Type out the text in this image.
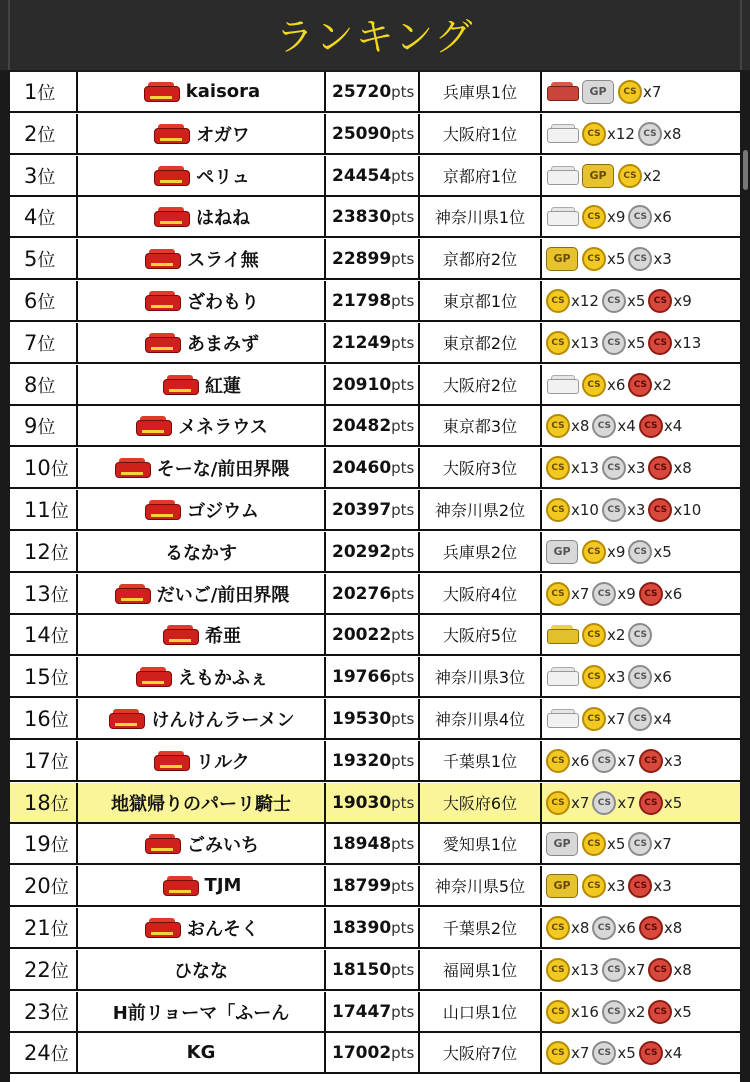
ランキング
1 位	kaisora	25720 pts	兵庫県1位	GP	CS x7
2 位	オガワ	25090 pts	大阪府1位	CS x12 CS x8
3 位	ペリュ	24454 pts	京都府1位	GP	CS x2
4 位	はねね	23830 pts	神奈川県1位	CS x9 CS x6
5 位	スライ無	22899 pts	京都府2位	GP	CS x5 CS x3
6 位	ざわもり	21798 pts	東京都1位	CS x12 CS x5 CS x9
7 位	あまみず	21249 pts	東京都2位	CS x13 CS x5 CS x13
8 位	紅蓮	20910 pts	大阪府2位	CS x6 CS x2
9 位	メネラウス	20482 pts	東京都3位	CS x8 CS x4 CS x4
10 位	そーな/前田界隈	20460 pts	大阪府3位	CS x13 CS x3 CS x8
11 位	ゴジウム	20397 pts	神奈川県2位	CS x10 CS x3 CS x10
12 位	るなかす	20292 pts	兵庫県2位	GP	CS x9 CS x5
13 位	だいご/前田界隈	20276 pts	大阪府4位	CS x7 CS x9 CS x6
14 位	希亜	20022 pts	大阪府5位	CS x2 CS
15 位	えもかふぇ	19766 pts	神奈川県3位	CS x3 CS x6
16 位	けんけんラーメン 19530 pts	神奈川県4位	CS x7 CS x4
17 位	リルク	19320 pts	千葉県1位	CS x6 CS x7 CS x3
18 位 地獄帰りのパーリ騎士 19030 pts	大阪府6位	CS x7 CS x7 CS x5
19 位	ごみいち	18948 pts	愛知県1位	GP	CS x5 CS x7
20 位	TJM	18799 pts	神奈川県5位	GP	CS x3 CS x3
21 位	おんそく	18390 pts	千葉県2位	CS x8 CS x6 CS x8
22 位	ひなな	18150 pts	福岡県1位	CS x13 CS x7 CS x8
23 位 H前リョーマ「ふーん	17447 pts	山口県1位	CS x16 CS x2 CS x5
24 位	KG	17002 pts	大阪府7位	CS x7 CS x5 CS x4
